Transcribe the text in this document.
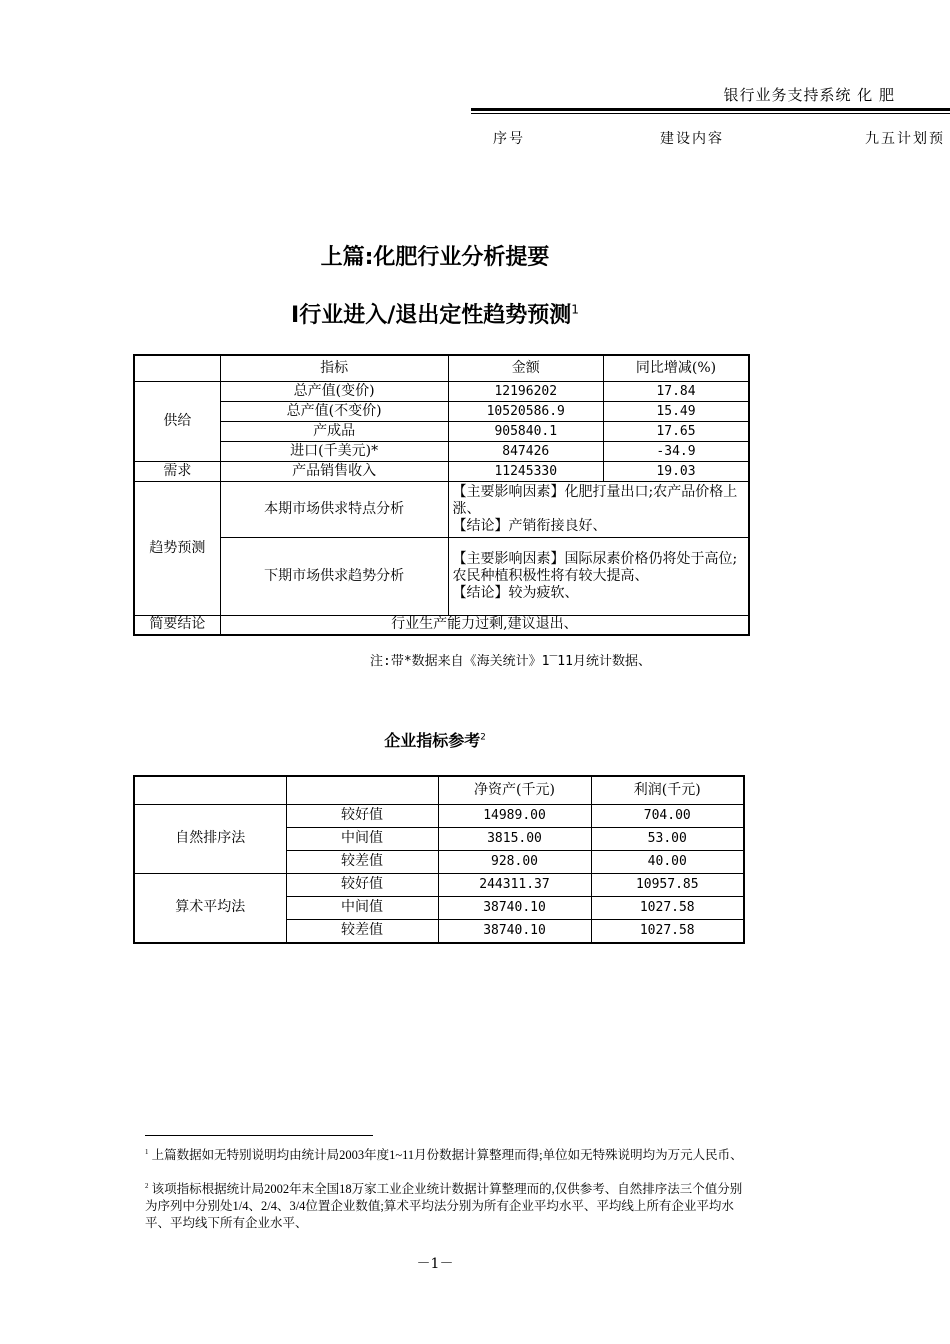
银行业务支持系统 化 肥
序号	建设内容	九五计划预
上篇:化肥行业分析提要
I行业进入/退出定性趋势预测$^1$
	指标	金额	同比增减(%)
供给	总产值(变价)	12196202	17.84
	总产值(不变价)	10520586.9	15.49
	产成品	905840.1	17.65
	进口(千美元)*	847426	-34.9
需求	产品销售收入	11245330	19.03
趋势预测	本期市场供求特点分析	【主要影响因素】化肥打量出口;农产品价格上涨、
【结论】产销衔接良好、	

	下期市场供求趋势分析	【主要影响因素】国际尿素价格仍将处于高位;农民种植积极性将有较大提高、
【结论】较为疲软、	

简要结论	行业生产能力过剩,建议退出、		
注:带*数据来自《海关统计》1‾11月统计数据、
企业指标参考$^2$
		净资产(千元)	利润(千元)
自然排序法	较好值	14989.00	704.00
	中间值	3815.00	53.00
	较差值	928.00	40.00
算术平均法	较好值	244311.37	10957.85
	中间值	38740.10	1027.58
	较差值	38740.10	1027.58
$^1$ 上篇数据如无特别说明均由统计局2003年度1~11月份数据计算整理而得;单位如无特殊说明均为万元人民币、
$^2$ 该项指标根据统计局2002年末全国18万家工业企业统计数据计算整理而的,仅供参考、自然排序法三个值分别为序列中分别处1/4、2/4、3/4位置企业数值;算术平均法分别为所有企业平均水平、平均线上所有企业平均水平、平均线下所有企业水平、
－1－
